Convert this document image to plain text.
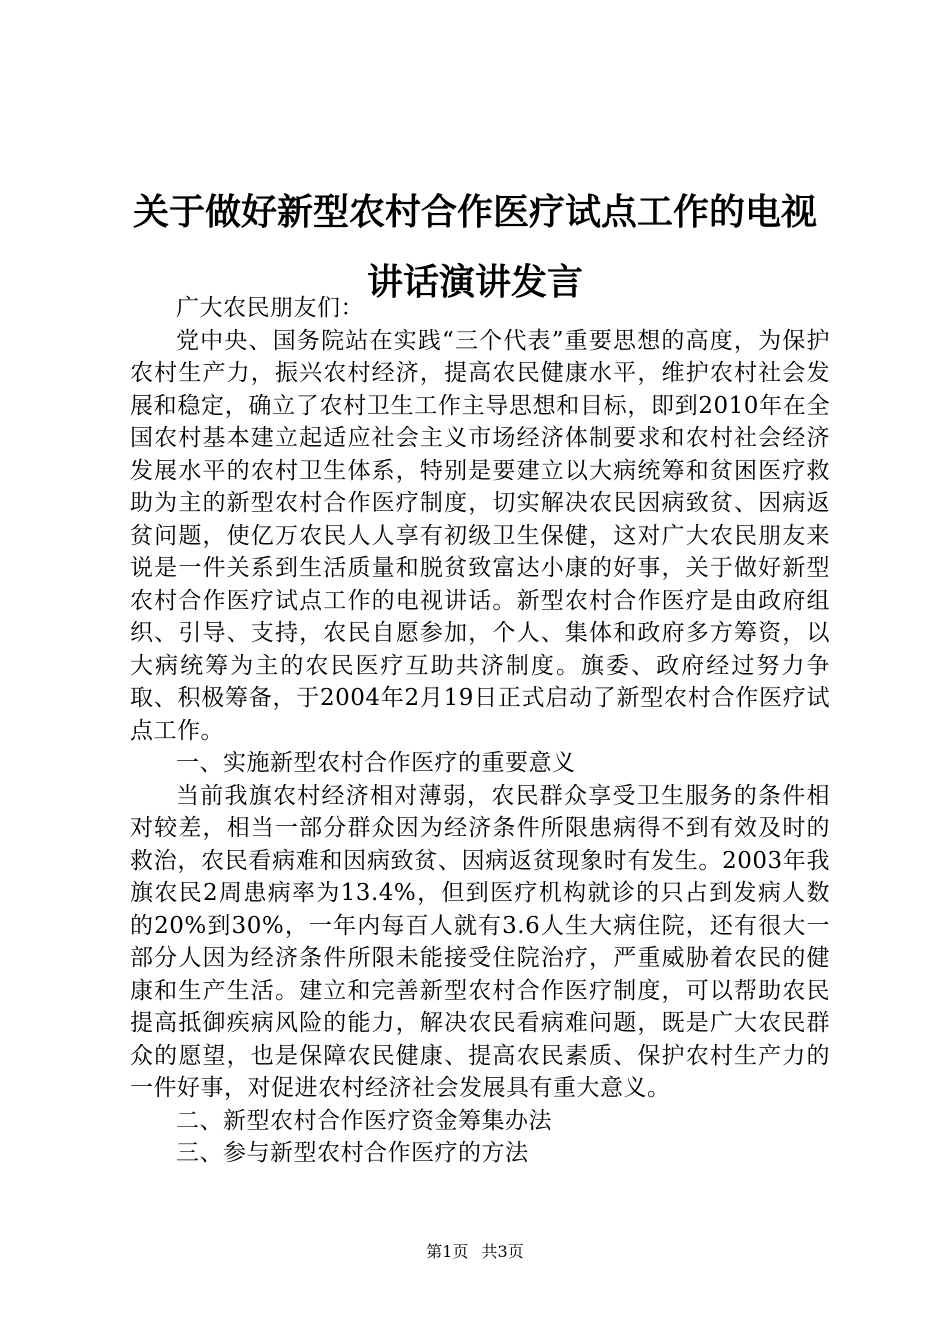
关于做好新型农村合作医疗试点工作的电视讲话演讲发言

广大农民朋友们：

党中央、国务院站在实践“三个代表”重要思想的高度，为保护农村生产力，振兴农村经济，提高农民健康水平，维护农村社会发展和稳定，确立了农村卫生工作主导思想和目标，即到2010年在全国农村基本建立起适应社会主义市场经济体制要求和农村社会经济发展水平的农村卫生体系，特别是要建立以大病统筹和贫困医疗救助为主的新型农村合作医疗制度，切实解决农民因病致贫、因病返贫问题，使亿万农民人人享有初级卫生保健，这对广大农民朋友来说是一件关系到生活质量和脱贫致富达小康的好事，关于做好新型农村合作医疗试点工作的电视讲话。新型农村合作医疗是由政府组织、引导、支持，农民自愿参加，个人、集体和政府多方筹资，以大病统筹为主的农民医疗互助共济制度。旗委、政府经过努力争取、积极筹备，于2004年2月19日正式启动了新型农村合作医疗试点工作。

一、实施新型农村合作医疗的重要意义

当前我旗农村经济相对薄弱，农民群众享受卫生服务的条件相对较差，相当一部分群众因为经济条件所限患病得不到有效及时的救治，农民看病难和因病致贫、因病返贫现象时有发生。2003年我旗农民2周患病率为13.4%，但到医疗机构就诊的只占到发病人数的20%到30%，一年内每百人就有3.6人生大病住院，还有很大一部分人因为经济条件所限未能接受住院治疗，严重威胁着农民的健康和生产生活。建立和完善新型农村合作医疗制度，可以帮助农民提高抵御疾病风险的能力，解决农民看病难问题，既是广大农民群众的愿望，也是保障农民健康、提高农民素质、保护农村生产力的一件好事，对促进农村经济社会发展具有重大意义。

二、新型农村合作医疗资金筹集办法

三、参与新型农村合作医疗的方法

第1页 共3页
